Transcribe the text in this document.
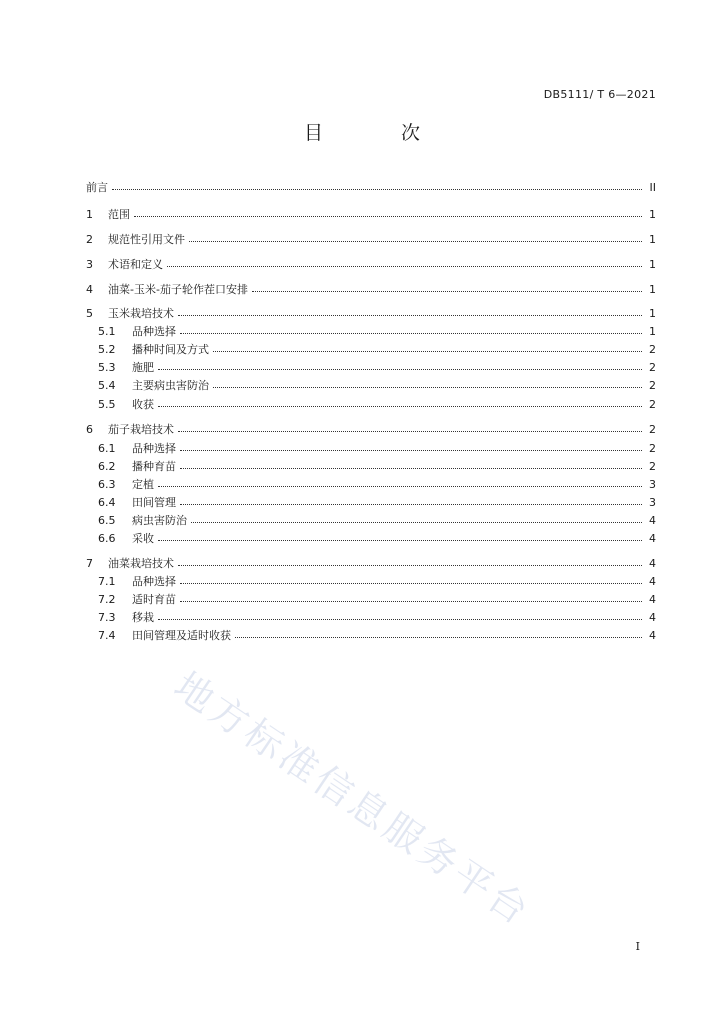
DB5111/ T 6—2021
目 次
前言	II
1	范围	1
2	规范性引用文件	1
3	术语和定义	1
4	油菜-玉米-茄子轮作茬口安排	1
5	玉米栽培技术	1
5.1	品种选择	1
5.2	播种时间及方式	2
5.3	施肥	2
5.4	主要病虫害防治	2
5.5	收获	2
6	茄子栽培技术	2
6.1	品种选择	2
6.2	播种育苗	2
6.3	定植	3
6.4	田间管理	3
6.5	病虫害防治	4
6.6	采收	4
7	油菜栽培技术	4
7.1	品种选择	4
7.2	适时育苗	4
7.3	移栽	4
7.4	田间管理及适时收获	4
地方标准信息服务平台
I
